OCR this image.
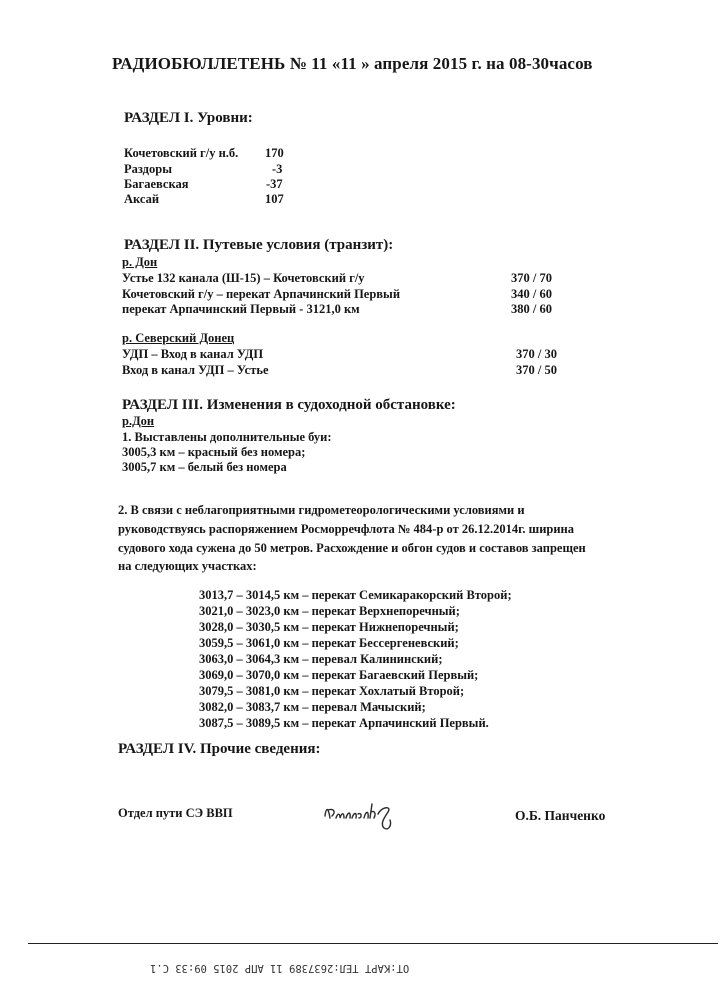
РАДИОБЮЛЛЕТЕНЬ № 11 «11 » апреля 2015 г. на 08-30часов
РАЗДЕЛ I. Уровни:
Кочетовский г/у н.б. 170
Раздоры	-3
Багаевская	-37
Аксай	107
РАЗДЕЛ II. Путевые условия (транзит):
р. Дон
Устье 132 канала (Ш-15) – Кочетовский г/у	370 / 70
Кочетовский г/у – перекат Арпачинский Первый	340 / 60
перекат Арпачинский Первый - 3121,0 км	380 / 60
р. Северский Донец
УДП – Вход в канал УДП	370 / 30
Вход в канал УДП – Устье	370 / 50
РАЗДЕЛ III. Изменения в судоходной обстановке:
р.Дон
1. Выставлены дополнительные буи:
3005,3 км – красный без номера;
3005,7 км – белый без номера
2. В связи с неблагоприятными гидрометеорологическими условиями и
руководствуясь распоряжением Росморречфлота № 484-р от 26.12.2014г. ширина
судового хода сужена до 50 метров. Расхождение и обгон судов и составов запрещен
на следующих участках:
3013,7 – 3014,5 км – перекат Семикаракорский Второй;
3021,0 – 3023,0 км – перекат Верхнепоречный;
3028,0 – 3030,5 км – перекат Нижнепоречный;
3059,5 – 3061,0 км – перекат Бессергеневский;
3063,0 – 3064,3 км – перевал Калининский;
3069,0 – 3070,0 км – перекат Багаевский Первый;
3079,5 – 3081,0 км – перекат Хохлатый Второй;
3082,0 – 3083,7 км – перевал Мачыский;
3087,5 – 3089,5 км – перекат Арпачинский Первый.
РАЗДЕЛ IV. Прочие сведения:
Отдел пути СЭ ВВП	О.Б. Панченко
ОТ:КАРТ ТЕЛ:2637389 11 АПР 2015 09:33 С.1
